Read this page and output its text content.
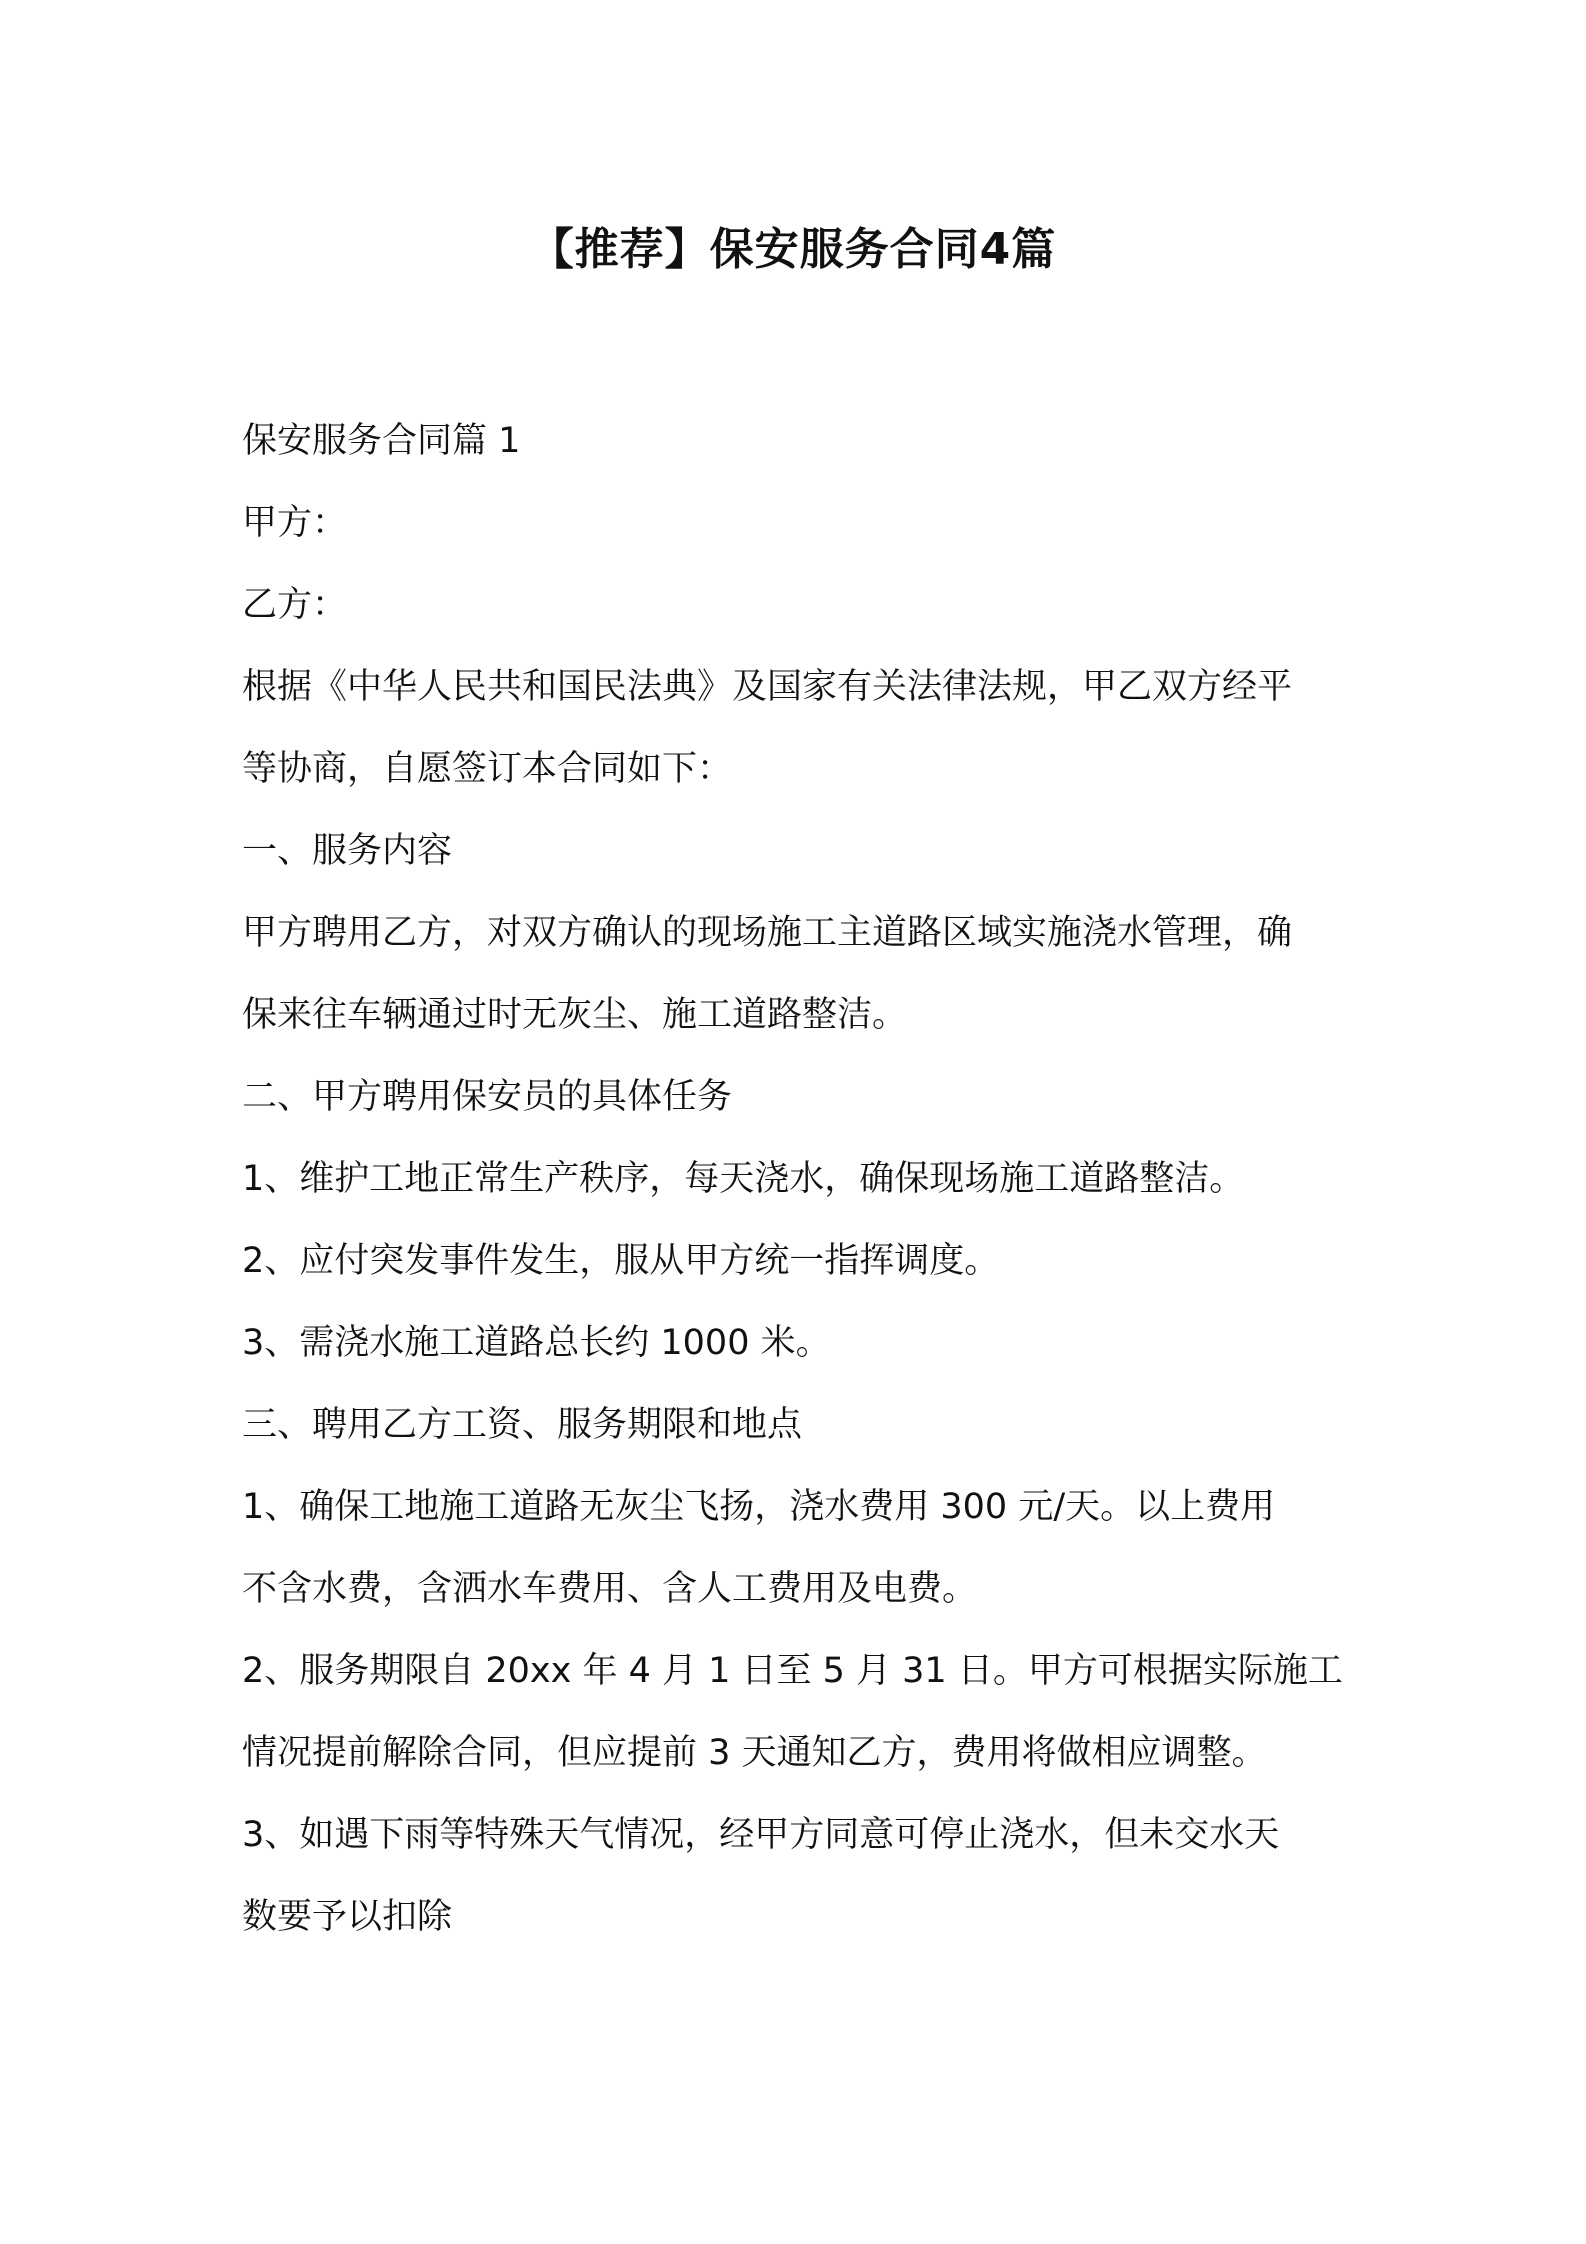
【推荐】保安服务合同4篇

保安服务合同篇 1

甲方：

乙方：

根据《中华人民共和国民法典》及国家有关法律法规，甲乙双方经平

等协商，自愿签订本合同如下：

一、服务内容

甲方聘用乙方，对双方确认的现场施工主道路区域实施浇水管理，确

保来往车辆通过时无灰尘、施工道路整洁。

二、甲方聘用保安员的具体任务

1、维护工地正常生产秩序，每天浇水，确保现场施工道路整洁。

2、应付突发事件发生，服从甲方统一指挥调度。

3、需浇水施工道路总长约 1000 米。

三、聘用乙方工资、服务期限和地点

1、确保工地施工道路无灰尘飞扬，浇水费用 300 元/天。以上费用

不含水费，含洒水车费用、含人工费用及电费。

2、服务期限自 20xx 年 4 月 1 日至 5 月 31 日。甲方可根据实际施工

情况提前解除合同，但应提前 3 天通知乙方，费用将做相应调整。

3、如遇下雨等特殊天气情况，经甲方同意可停止浇水，但未交水天

数要予以扣除
